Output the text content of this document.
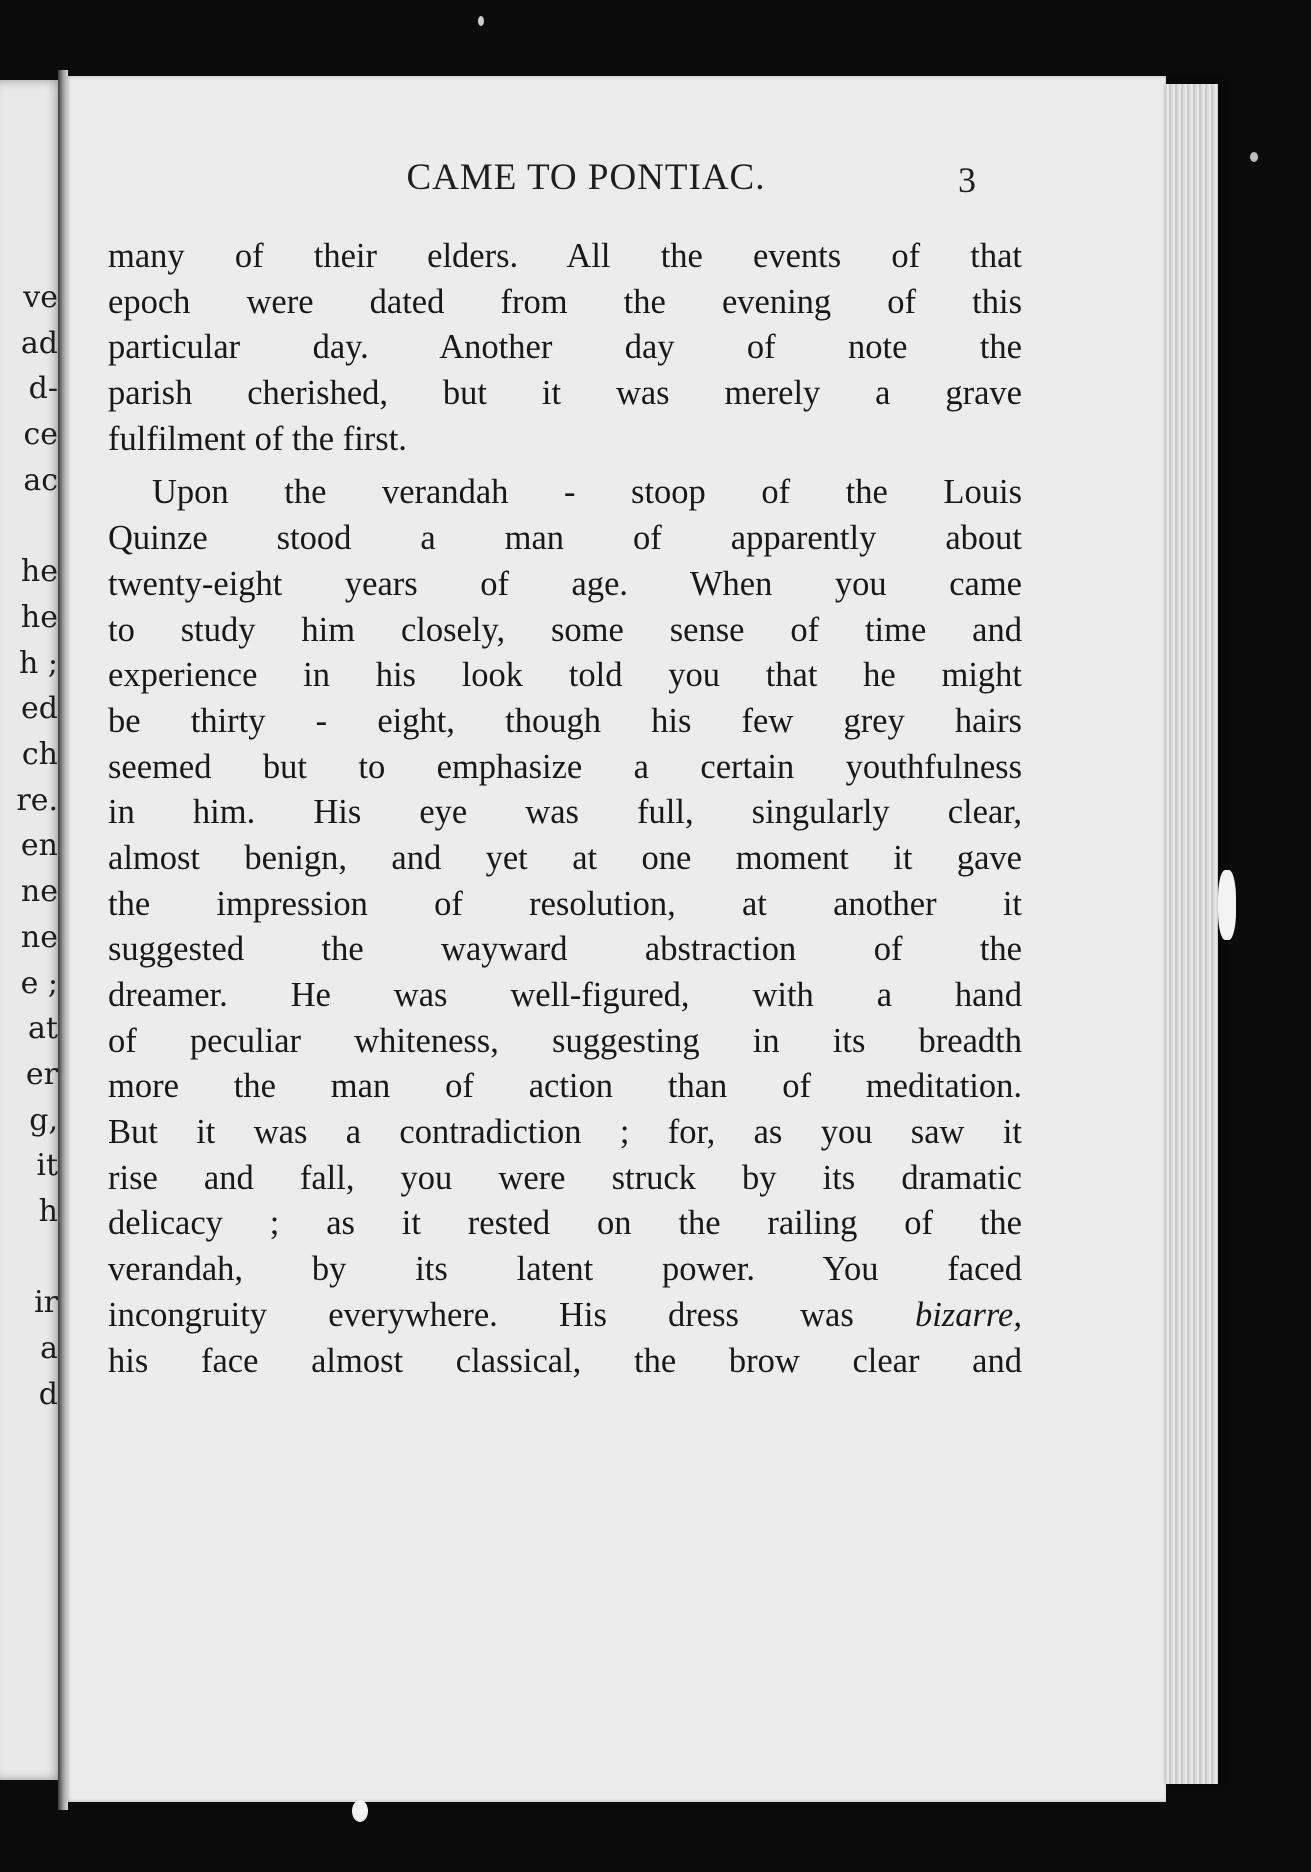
ve
ad
d-
ce
ac
he
he
h ;
ed
ch
re.
en
ne
ne
e ;
at
er
g,
it
h
ir
a
d
CAME TO PONTIAC.	3
many of their elders. All the events of that
epoch were dated from the evening of this
particular day. Another day of note the
parish cherished, but it was merely a grave
fulfilment of the first.
Upon the verandah - stoop of the Louis
Quinze stood a man of apparently about
twenty-eight years of age. When you came
to study him closely, some sense of time and
experience in his look told you that he might
be thirty - eight, though his few grey hairs
seemed but to emphasize a certain youthfulness
in him. His eye was full, singularly clear,
almost benign, and yet at one moment it gave
the impression of resolution, at another it
suggested the wayward abstraction of the
dreamer. He was well-figured, with a hand
of peculiar whiteness, suggesting in its breadth
more the man of action than of meditation.
But it was a contradiction ; for, as you saw it
rise and fall, you were struck by its dramatic
delicacy ; as it rested on the railing of the
verandah, by its latent power. You faced
incongruity everywhere. His dress was bizarre,
his face almost classical, the brow clear and
